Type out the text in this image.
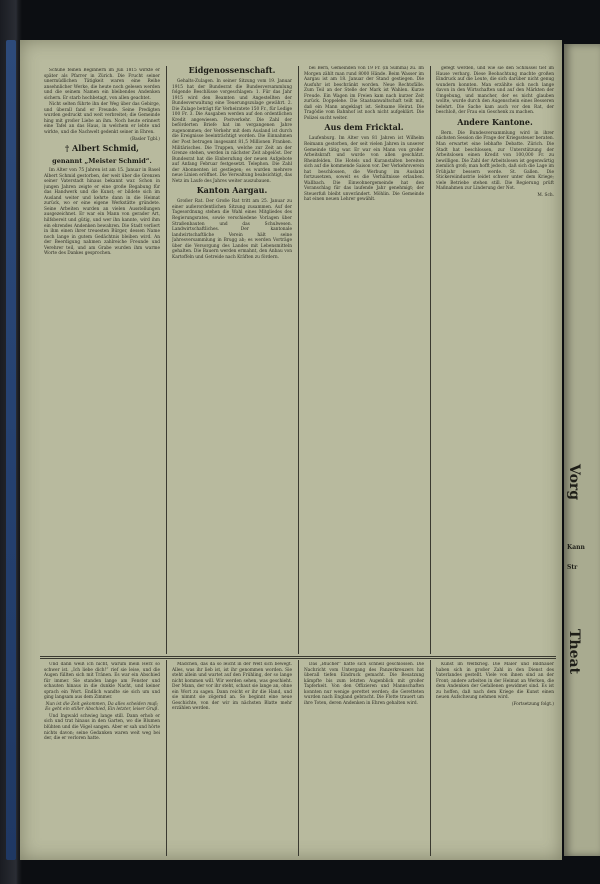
Schuhe feinen Beginnern im Juli 1815 wirkte er später als Pfarrer in Zürich. Die Frucht seiner unermüdlichen Tätigkeit waren eine Reihe ansehnlicher Werke, die heute noch gelesen werden und die seinem Namen ein bleibendes Andenken sichern. Er starb hochbetagt, von allen geachtet.

Nicht selten führte ihn der Weg über das Gebirge, und überall fand er Freunde. Seine Predigten wurden gedruckt und weit verbreitet; die Gemeinde hing mit großer Liebe an ihm. Noch heute erinnert eine Tafel an das Haus, in welchem er lebte und wirkte, und die Nachwelt gedenkt seiner in Ehren.

(Basler Tgbl.)

† Albert Schmid,
genannt „Meister Schmid“.

Im Alter von 75 Jahren ist am 15. Januar in Basel Albert Schmid gestorben, der weit über die Grenzen seiner Vaterstadt hinaus bekannt war. Schon in jungen Jahren zeigte er eine große Begabung für das Handwerk und die Kunst; er bildete sich im Ausland weiter und kehrte dann in die Heimat zurück, wo er eine eigene Werkstätte gründete. Seine Arbeiten wurden an vielen Ausstellungen ausgezeichnet. Er war ein Mann von gerader Art, hilfsbereit und gütig, und wer ihn kannte, wird ihm ein ehrendes Andenken bewahren. Die Stadt verliert in ihm einen ihrer treuesten Bürger, dessen Name noch lange in gutem Gedächtnis bleiben wird. An der Beerdigung nahmen zahlreiche Freunde und Verehrer teil, und am Grabe wurden ihm warme Worte des Dankes gesprochen.

Eidgenossenschaft.

Gehalts-Zulagen. In seiner Sitzung vom 19. Januar 1915 hat der Bundesrat die Bundesversammlung folgende Beschlüsse vorgeschlagen: 1. Für das Jahr 1915 wird den Beamten und Angestellten der Bundesverwaltung eine Teuerungszulage gewährt. 2. Die Zulage beträgt für Verheiratete 150 Fr., für Ledige 100 Fr. 3. Die Ausgaben werden auf den ordentlichen Kredit angewiesen. Postverkehr. Die Zahl der beförderten Briefe hat im vergangenen Jahre zugenommen; der Verkehr mit dem Ausland ist durch die Ereignisse beeinträchtigt worden. Die Einnahmen der Post betrugen insgesamt 81,5 Millionen Franken. Militärisches. Die Truppen, welche zur Zeit an der Grenze stehen, werden in nächster Zeit abgelöst. Der Bundesrat hat die Einberufung der neuen Aufgebote auf Anfang Februar festgesetzt. Telephon. Die Zahl der Abonnenten ist gestiegen; es wurden mehrere neue Linien eröffnet. Die Verwaltung beabsichtigt, das Netz im Laufe des Jahres weiter auszubauen.

Kanton Aargau.

Großer Rat. Der Große Rat tritt am 25. Januar zu einer außerordentlichen Sitzung zusammen. Auf der Tagesordnung stehen die Wahl eines Mitgliedes des Regierungsrates, sowie verschiedene Vorlagen über Straßenbauten und das Schulwesen. Landwirtschaftliches. Der kantonale landwirtschaftliche Verein hält seine Jahresversammlung in Brugg ab; es werden Vorträge über die Versorgung des Landes mit Lebensmitteln gehalten. Die Bauern werden ermahnt, den Anbau von Kartoffeln und Getreide nach Kräften zu fördern.

bei Bern, Gemeinden von 19 Fr. (in Summa) zu. Im Morgen zählt man rund 8000 Hände. Beim Wasser im Aargau ist am 18. Januar der Stand gestiegen. Die Ausfuhr ist beschränkt worden. Neue Rechtsfälle. Zum Teil an der Stelle der Mark ist Wahlen. Kurze Freude. Ein Wagen im Freien kam nach kurzer Zeit zurück. Doppelehe. Die Staatsanwaltschaft teilt mit, daß ein Mann angeklagt ist. Seltsame Heirat. Die Tragödie vom Bahnhof ist noch nicht aufgeklärt. Die Polizei sucht weiter.

Aus dem Fricktal.

Laufenburg. Im Alter von 81 Jahren ist Wilhelm Reimann gestorben, der seit vielen Jahren in unserer Gemeinde tätig war. Er war ein Mann von großer Arbeitskraft und wurde von allen geschätzt. Rheinfelden. Die Hotels und Kuranstalten bereiten sich auf die kommende Saison vor. Der Verkehrsverein hat beschlossen, die Werbung im Ausland fortzusetzen, soweit es die Verhältnisse erlauben. Wallbach. Die Einwohnergemeinde hat den Voranschlag für das laufende Jahr genehmigt; der Steuerfuß bleibt unverändert. Möhlin. Die Gemeinde hat einen neuen Lehrer gewählt.

gefegt werden, und wie sie den Schlüssel tief im Hause verbarg. Diese Beobachtung machte großen Eindruck auf die Leute, die sich darüber nicht genug wundern konnten. Man erzählte sich noch lange davon in den Wirtschaften und auf den Märkten der Umgebung, und mancher, der es nicht glauben wollte, wurde durch den Augenschein eines Besseren belehrt. Die Sache kam auch vor den Rat, der beschloß, der Frau ein Geschenk zu machen.

Andere Kantone.

Bern. Die Bundesversammlung wird in ihrer nächsten Session die Frage der Kriegssteuer beraten. Man erwartet eine lebhafte Debatte. Zürich. Die Stadt hat beschlossen, zur Unterstützung der Arbeitslosen einen Kredit von 100,000 Fr. zu bewilligen. Die Zahl der Arbeitslosen ist gegenwärtig ziemlich groß; man hofft jedoch, daß sich die Lage im Frühjahr bessern werde. St. Gallen. Die Stickereiindustrie leidet schwer unter dem Kriege; viele Betriebe stehen still. Die Regierung prüft Maßnahmen zur Linderung der Not.

M. Sch.

Und dann weiß ich nicht, warum mein Herz so schwer ist. „Ich liebe dich!“ rief sie leise, und die Augen füllten sich mit Tränen. Es war ein Abschied für immer. Sie standen lange am Fenster und schauten hinaus in die dunkle Nacht, und keiner sprach ein Wort. Endlich wandte sie sich um und ging langsam aus dem Zimmer.

Nun ist die Zeit gekommen, Da alles scheiden muß; Es geht ein stiller Abschied, Ein letzter, leiser Gruß.

Und Ingwald schwieg lange still. Dann erhob er sich und trat hinaus in den Garten, wo die Blumen blühten und die Vögel sangen. Aber er sah und hörte nichts davon; seine Gedanken waren weit weg bei der, die er verloren hatte.

Mädchen, das da so leicht in der Welt sich bewegt. Alles, was ihr lieb ist, ist ihr genommen worden. Sie steht allein und wartet auf den Frühling, der so lange nicht kommen will. Wir werden sehen, was geschieht. Der Mann, der vor ihr steht, schaut sie lange an, ohne ein Wort zu sagen. Dann reicht er ihr die Hand, und sie nimmt sie zögernd an. So beginnt eine neue Geschichte, von der wir im nächsten Blatte mehr erzählen werden.

Das „Blücher“ hatte sich schnell geschlossen. Die Nachricht vom Untergang des Panzerkreuzers hat überall tiefen Eindruck gemacht. Die Besatzung kämpfte bis zum letzten Augenblick mit großer Tapferkeit. Von den Offizieren und Mannschaften konnten nur wenige gerettet werden; die Geretteten wurden nach England gebracht. Die Flotte trauert um ihre Toten, deren Andenken in Ehren gehalten wird.

Kunst im Weltkrieg. Die Maler und Bildhauer haben sich in großer Zahl in den Dienst des Vaterlandes gestellt. Viele von ihnen sind an der Front; andere arbeiten in der Heimat an Werken, die dem Andenken der Gefallenen gewidmet sind. Es ist zu hoffen, daß nach dem Kriege die Kunst einen neuen Aufschwung nehmen wird.

(Fortsetzung folgt.)

Vorg
Kann
Str
Theat
